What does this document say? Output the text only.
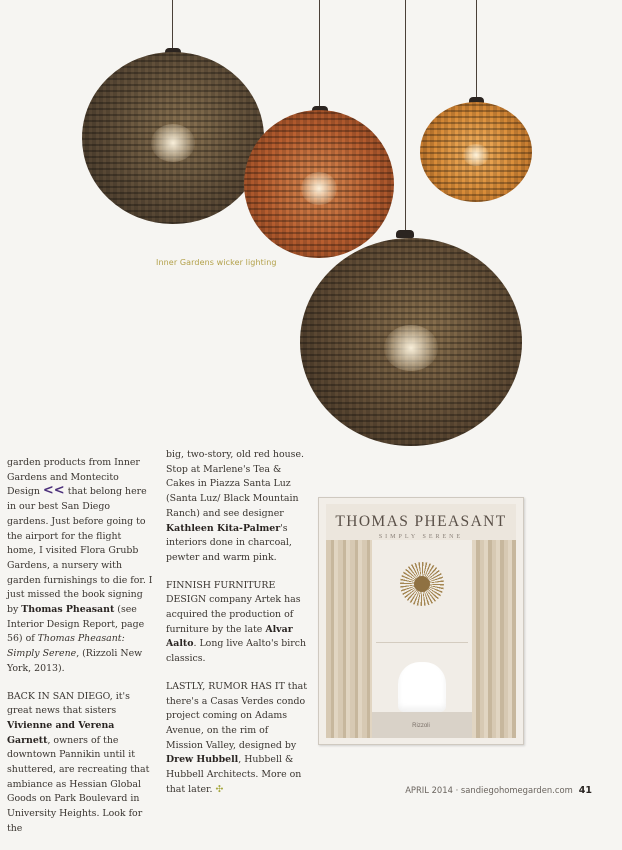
Inner Gardens wicker lighting

garden products from Inner Gardens and Montecito Design << that belong here in our best San Diego gardens. Just before going to the airport for the flight home, I visited Flora Grubb Gardens, a nursery with garden furnishings to die for. I just missed the book signing by Thomas Pheasant (see Interior Design Report, page 56) of Thomas Pheasant: Simply Serene, (Rizzoli New York, 2013).

BACK IN SAN DIEGO, it's great news that sisters Vivienne and Verena Garnett, owners of the downtown Pannikin until it shuttered, are recreating that ambiance as Hessian Global Goods on Park Boulevard in University Heights. Look for the

big, two-story, old red house. Stop at Marlene's Tea & Cakes in Piazza Santa Luz (Santa Luz/ Black Mountain Ranch) and see designer Kathleen Kita-Palmer's interiors done in charcoal, pewter and warm pink.

FINNISH FURNITURE DESIGN company Artek has acquired the production of furniture by the late Alvar Aalto. Long live Aalto's birch classics.

LASTLY, RUMOR HAS IT that there's a Casas Verdes condo project coming on Adams Avenue, on the rim of Mission Valley, designed by Drew Hubbell, Hubbell & Hubbell Architects. More on that later. ✣

THOMAS PHEASANT
SIMPLY SERENE
Rizzoli
APRIL 2014 · sandiegohomegarden.com 41
